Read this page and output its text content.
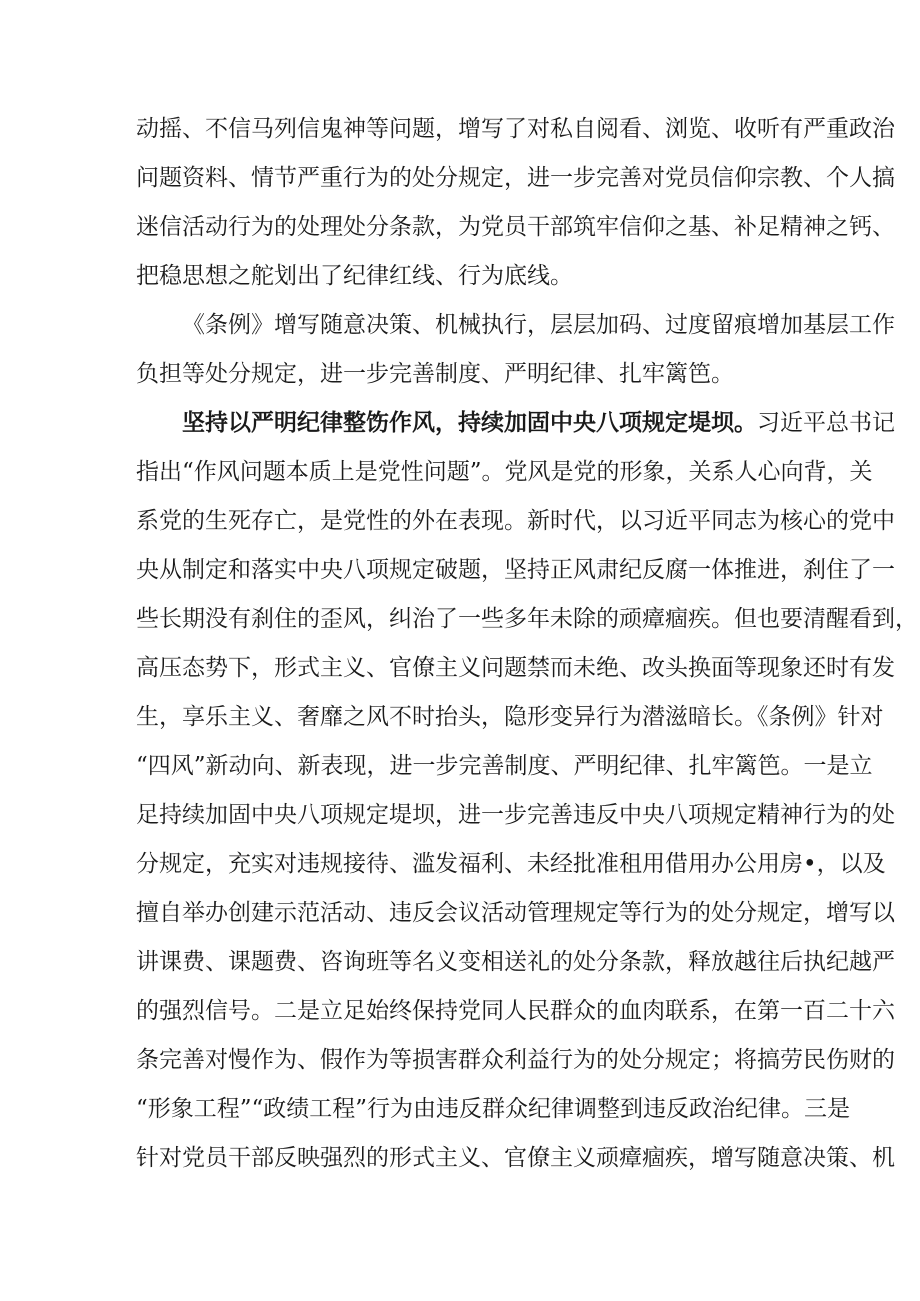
动摇、不信马列信鬼神等问题，增写了对私自阅看、浏览、收听有严重政治
问题资料、情节严重行为的处分规定，进一步完善对党员信仰宗教、个人搞
迷信活动行为的处理处分条款，为党员干部筑牢信仰之基、补足精神之钙、
把稳思想之舵划出了纪律红线、行为底线。
《条例》增写随意决策、机械执行，层层加码、过度留痕增加基层工作
负担等处分规定，进一步完善制度、严明纪律、扎牢篱笆。
坚持以严明纪律整饬作风，持续加固中央八项规定堤坝。习近平总书记
指出“作风问题本质上是党性问题”。党风是党的形象，关系人心向背，关
系党的生死存亡，是党性的外在表现。新时代，以习近平同志为核心的党中
央从制定和落实中央八项规定破题，坚持正风肃纪反腐一体推进，刹住了一
些长期没有刹住的歪风，纠治了一些多年未除的顽瘴痼疾。但也要清醒看到，
高压态势下，形式主义、官僚主义问题禁而未绝、改头换面等现象还时有发
生，享乐主义、奢靡之风不时抬头，隐形变异行为潜滋暗长。《条例》针对
“四风”新动向、新表现，进一步完善制度、严明纪律、扎牢篱笆。一是立
足持续加固中央八项规定堤坝，进一步完善违反中央八项规定精神行为的处
分规定，充实对违规接待、滥发福利、未经批准租用借用办公用房•，以及
擅自举办创建示范活动、违反会议活动管理规定等行为的处分规定，增写以
讲课费、课题费、咨询班等名义变相送礼的处分条款，释放越往后执纪越严
的强烈信号。二是立足始终保持党同人民群众的血肉联系，在第一百二十六
条完善对慢作为、假作为等损害群众利益行为的处分规定；将搞劳民伤财的
“形象工程”“政绩工程”行为由违反群众纪律调整到违反政治纪律。三是
针对党员干部反映强烈的形式主义、官僚主义顽瘴痼疾，增写随意决策、机
